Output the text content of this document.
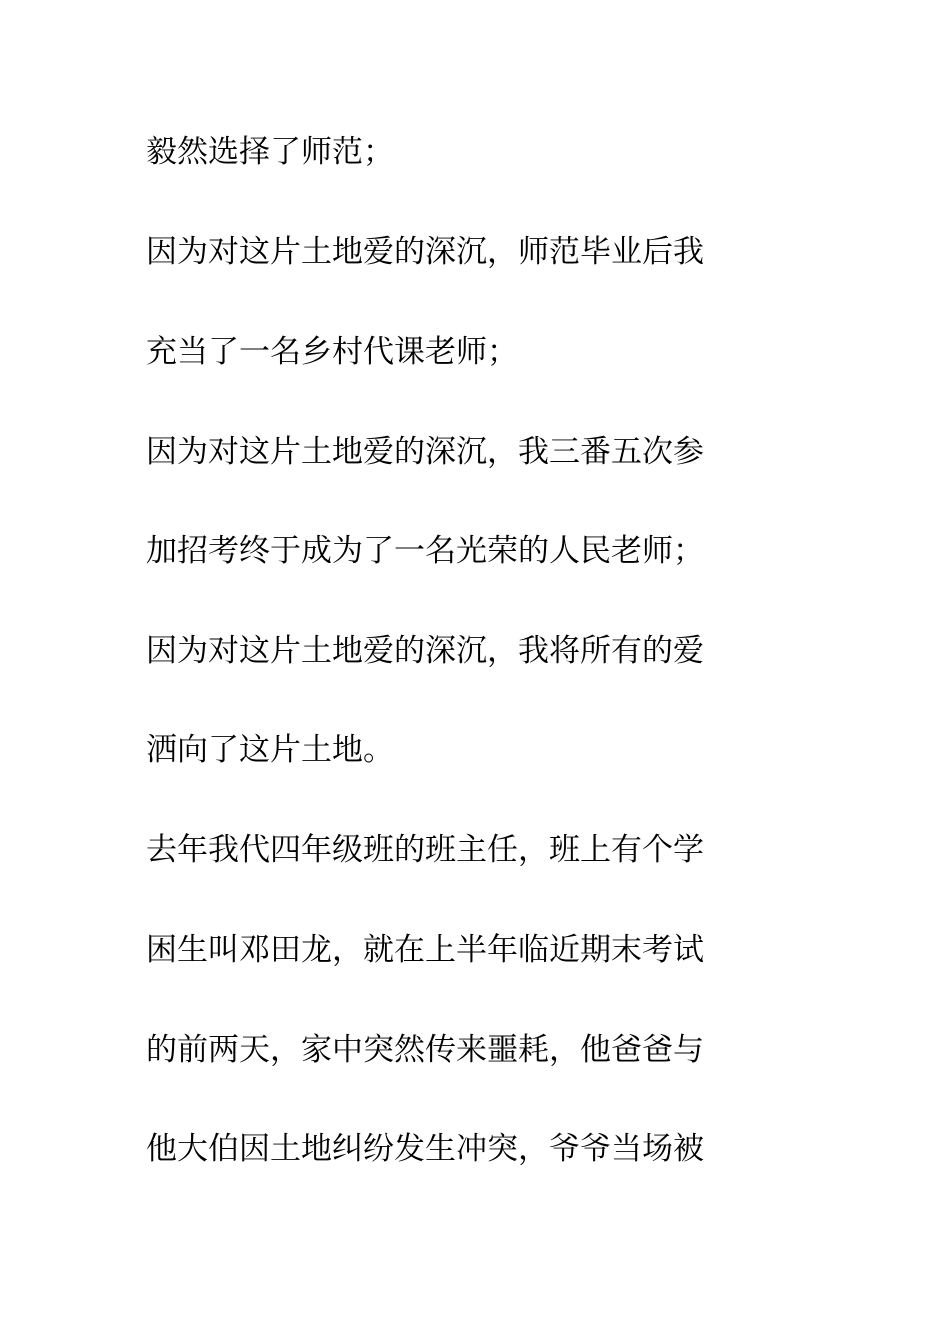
毅然选择了师范；
因为对这片土地爱的深沉，师范毕业后我
充当了一名乡村代课老师；
因为对这片土地爱的深沉，我三番五次参
加招考终于成为了一名光荣的人民老师；
因为对这片土地爱的深沉，我将所有的爱
洒向了这片土地。
去年我代四年级班的班主任，班上有个学
困生叫邓田龙，就在上半年临近期末考试
的前两天，家中突然传来噩耗，他爸爸与
他大伯因土地纠纷发生冲突，爷爷当场被
